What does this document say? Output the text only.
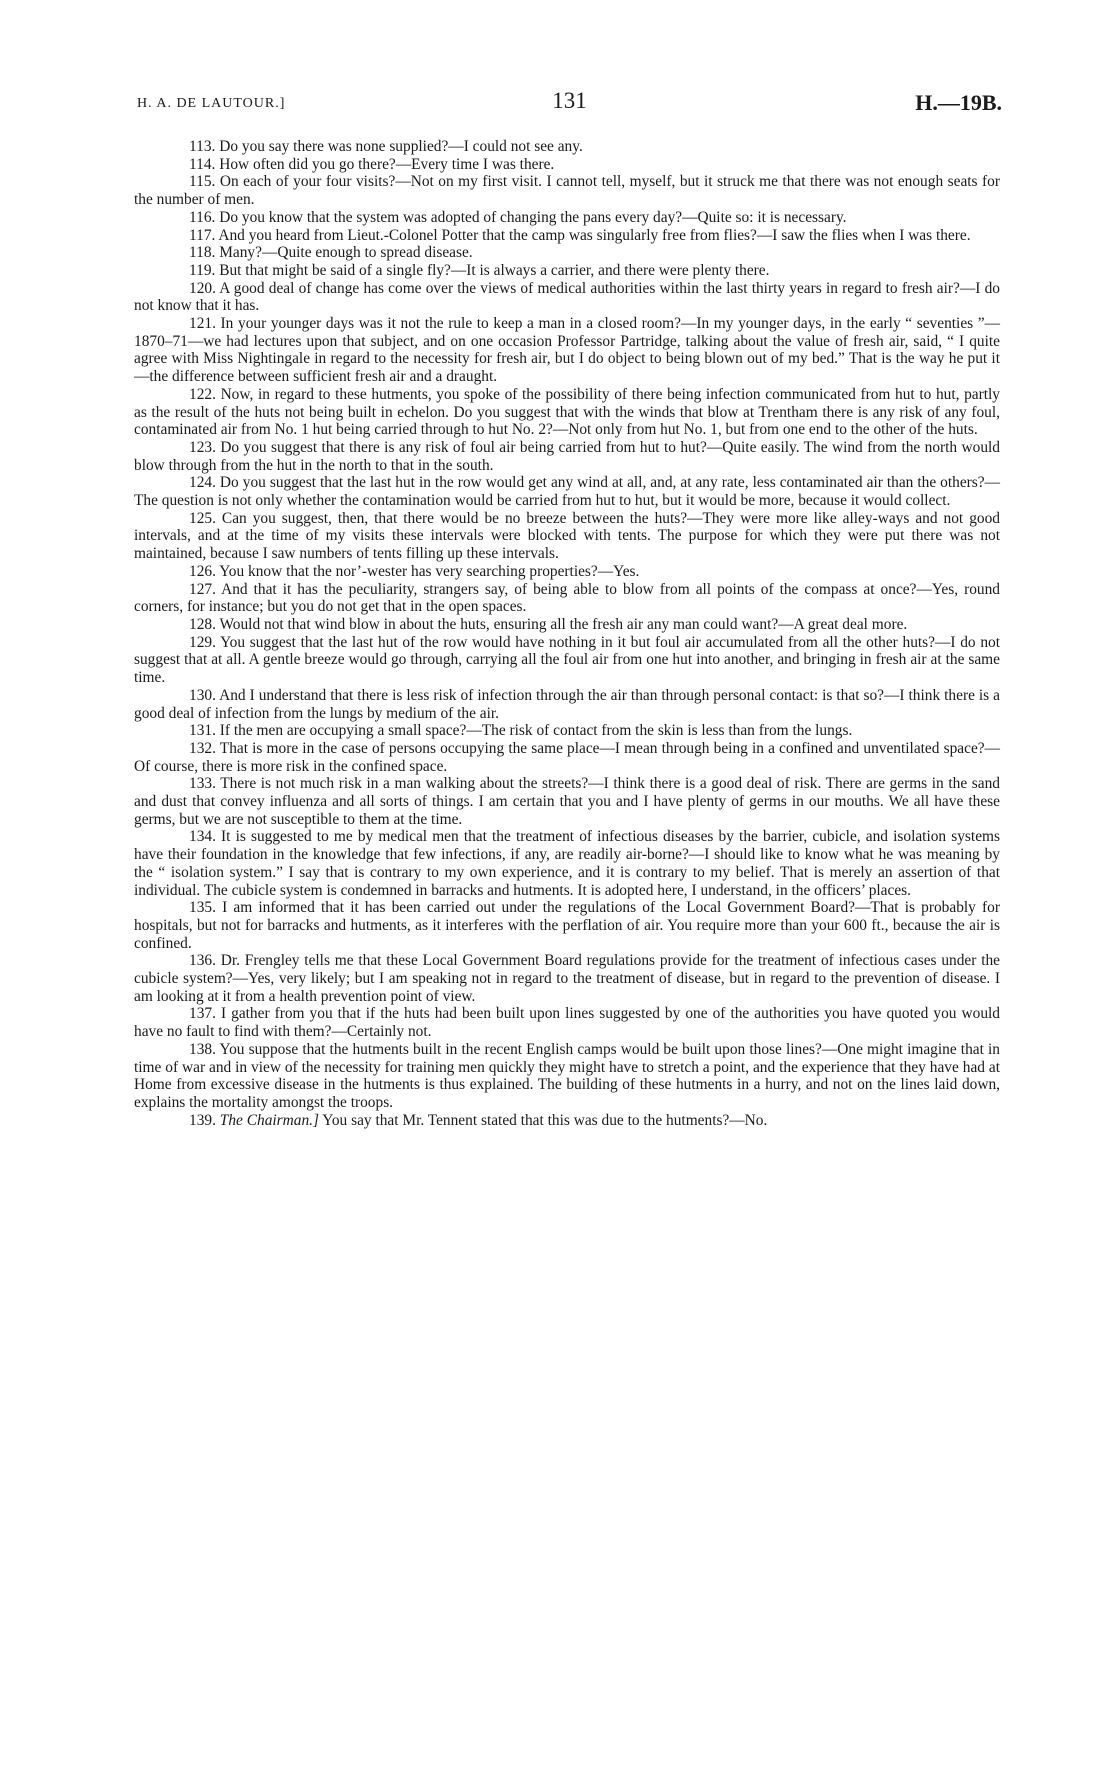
H. A. DE LAUTOUR.]	131	H.—19B.

113. Do you say there was none supplied?—I could not see any.

114. How often did you go there?—Every time I was there.

115. On each of your four visits?—Not on my first visit. I cannot tell, myself, but it struck me that there was not enough seats for the number of men.

116. Do you know that the system was adopted of changing the pans every day?—Quite so: it is necessary.

117. And you heard from Lieut.-Colonel Potter that the camp was singularly free from flies?—I saw the flies when I was there.

118. Many?—Quite enough to spread disease.

119. But that might be said of a single fly?—It is always a carrier, and there were plenty there.

120. A good deal of change has come over the views of medical authorities within the last thirty years in regard to fresh air?—I do not know that it has.

121. In your younger days was it not the rule to keep a man in a closed room?—In my younger days, in the early “ seventies ”—1870–71—we had lectures upon that subject, and on one occasion Professor Partridge, talking about the value of fresh air, said, “ I quite agree with Miss Nightingale in regard to the necessity for fresh air, but I do object to being blown out of my bed.” That is the way he put it—the difference between sufficient fresh air and a draught.

122. Now, in regard to these hutments, you spoke of the possibility of there being infection communicated from hut to hut, partly as the result of the huts not being built in echelon. Do you suggest that with the winds that blow at Trentham there is any risk of any foul, contaminated air from No. 1 hut being carried through to hut No. 2?—Not only from hut No. 1, but from one end to the other of the huts.

123. Do you suggest that there is any risk of foul air being carried from hut to hut?—Quite easily. The wind from the north would blow through from the hut in the north to that in the south.

124. Do you suggest that the last hut in the row would get any wind at all, and, at any rate, less contaminated air than the others?—The question is not only whether the contamination would be carried from hut to hut, but it would be more, because it would collect.

125. Can you suggest, then, that there would be no breeze between the huts?—They were more like alley-ways and not good intervals, and at the time of my visits these intervals were blocked with tents. The purpose for which they were put there was not maintained, because I saw numbers of tents filling up these intervals.

126. You know that the nor’-wester has very searching properties?—Yes.

127. And that it has the peculiarity, strangers say, of being able to blow from all points of the compass at once?—Yes, round corners, for instance; but you do not get that in the open spaces.

128. Would not that wind blow in about the huts, ensuring all the fresh air any man could want?—A great deal more.

129. You suggest that the last hut of the row would have nothing in it but foul air accumulated from all the other huts?—I do not suggest that at all. A gentle breeze would go through, carrying all the foul air from one hut into another, and bringing in fresh air at the same time.

130. And I understand that there is less risk of infection through the air than through personal contact: is that so?—I think there is a good deal of infection from the lungs by medium of the air.

131. If the men are occupying a small space?—The risk of contact from the skin is less than from the lungs.

132. That is more in the case of persons occupying the same place—I mean through being in a confined and unventilated space?—Of course, there is more risk in the confined space.

133. There is not much risk in a man walking about the streets?—I think there is a good deal of risk. There are germs in the sand and dust that convey influenza and all sorts of things. I am certain that you and I have plenty of germs in our mouths. We all have these germs, but we are not susceptible to them at the time.

134. It is suggested to me by medical men that the treatment of infectious diseases by the barrier, cubicle, and isolation systems have their foundation in the knowledge that few infections, if any, are readily air-borne?—I should like to know what he was meaning by the “ isolation system.” I say that is contrary to my own experience, and it is contrary to my belief. That is merely an assertion of that individual. The cubicle system is condemned in barracks and hutments. It is adopted here, I understand, in the officers’ places.

135. I am informed that it has been carried out under the regulations of the Local Government Board?—That is probably for hospitals, but not for barracks and hutments, as it interferes with the perflation of air. You require more than your 600 ft., because the air is confined.

136. Dr. Frengley tells me that these Local Government Board regulations provide for the treatment of infectious cases under the cubicle system?—Yes, very likely; but I am speaking not in regard to the treatment of disease, but in regard to the prevention of disease. I am looking at it from a health prevention point of view.

137. I gather from you that if the huts had been built upon lines suggested by one of the authorities you have quoted you would have no fault to find with them?—Certainly not.

138. You suppose that the hutments built in the recent English camps would be built upon those lines?—One might imagine that in time of war and in view of the necessity for training men quickly they might have to stretch a point, and the experience that they have had at Home from excessive disease in the hutments is thus explained. The building of these hutments in a hurry, and not on the lines laid down, explains the mortality amongst the troops.

139. The Chairman.] You say that Mr. Tennent stated that this was due to the hutments?—No.
